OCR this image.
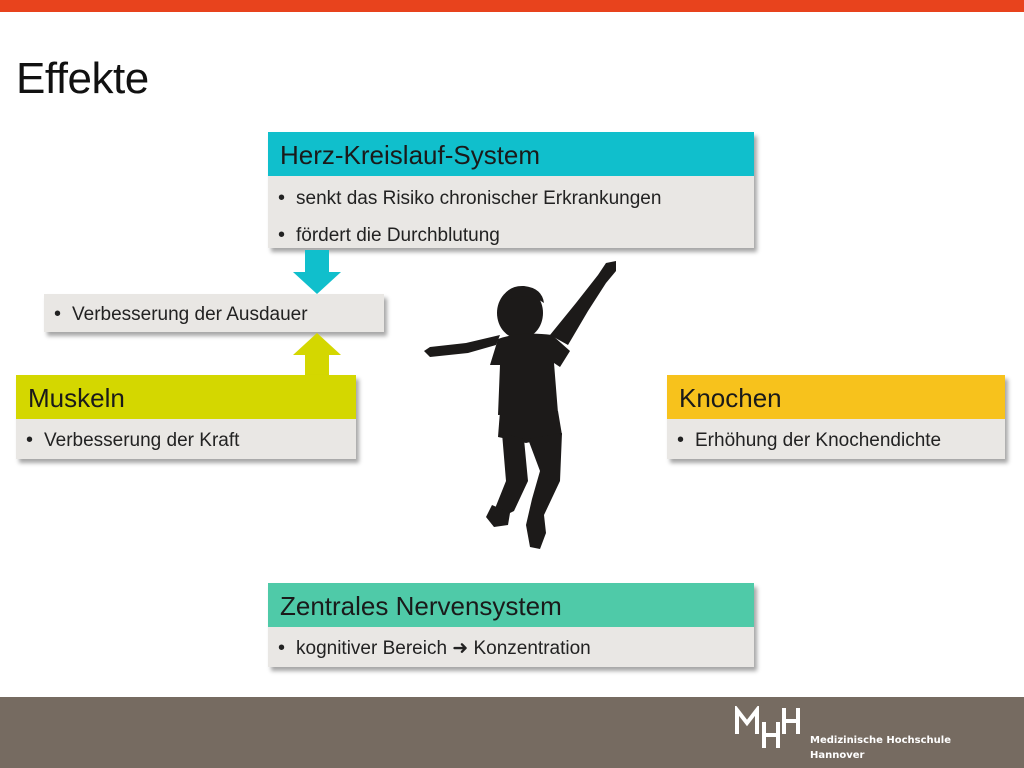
Effekte
Herz-Kreislauf-System
• senkt das Risiko chronischer Erkrankungen
• fördert die Durchblutung
• Verbesserung der Ausdauer
Muskeln
• Verbesserung der Kraft
Knochen
• Erhöhung der Knochendichte
Zentrales Nervensystem
• kognitiver Bereich ➜ Konzentration
Medizinische Hochschule
Hannover
